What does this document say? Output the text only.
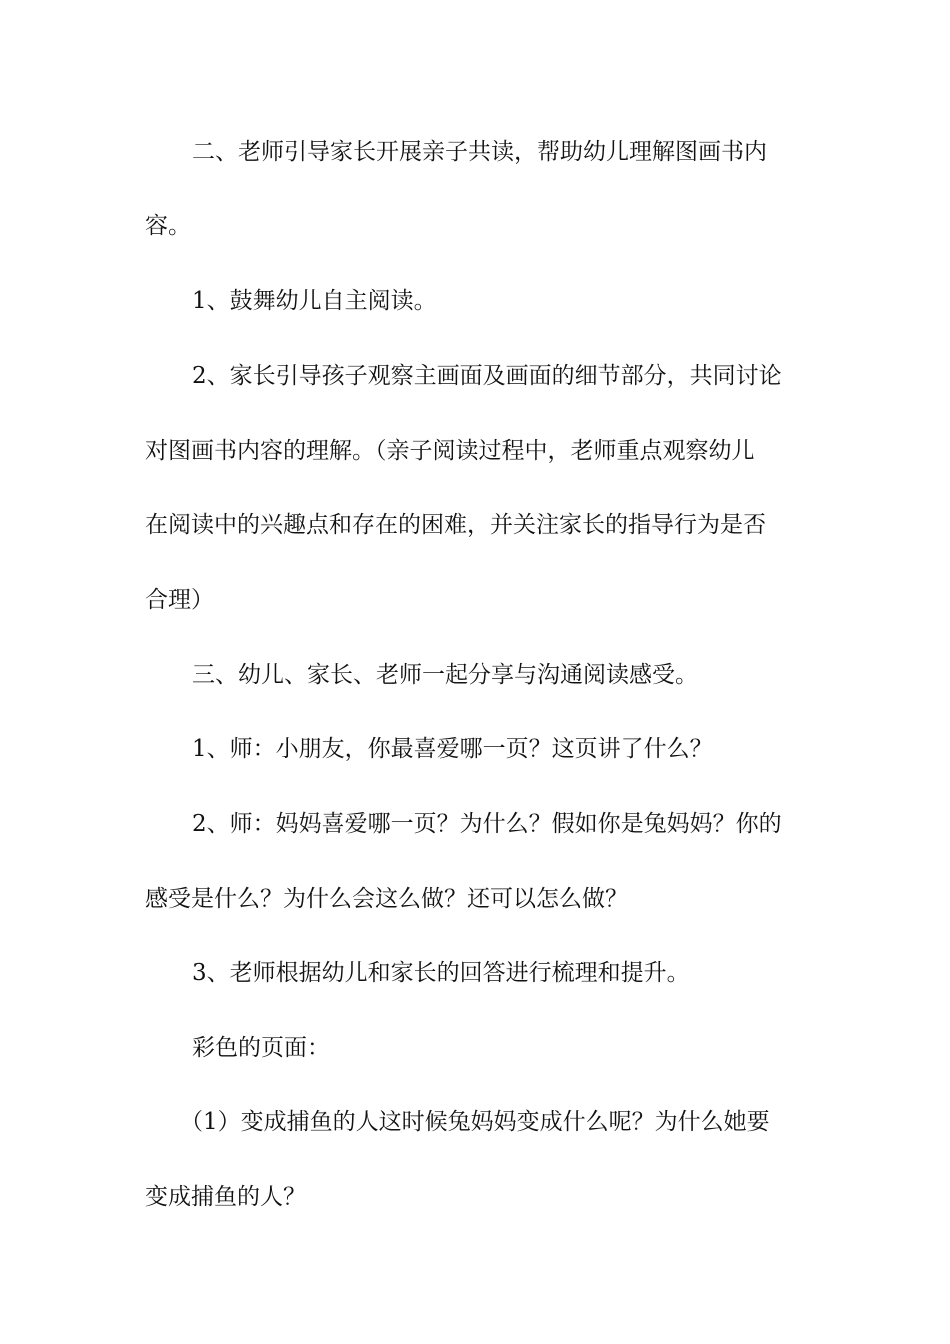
二、老师引导家长开展亲子共读，帮助幼儿理解图画书内
容。
1、鼓舞幼儿自主阅读。
2、家长引导孩子观察主画面及画面的细节部分，共同讨论
对图画书内容的理解。（亲子阅读过程中，老师重点观察幼儿
在阅读中的兴趣点和存在的困难，并关注家长的指导行为是否
合理）
三、幼儿、家长、老师一起分享与沟通阅读感受。
1、师：小朋友，你最喜爱哪一页？这页讲了什么？
2、师：妈妈喜爱哪一页？为什么？假如你是兔妈妈？你的
感受是什么？为什么会这么做？还可以怎么做？
3、老师根据幼儿和家长的回答进行梳理和提升。
彩色的页面：
（1）变成捕鱼的人这时候兔妈妈变成什么呢？为什么她要
变成捕鱼的人？
